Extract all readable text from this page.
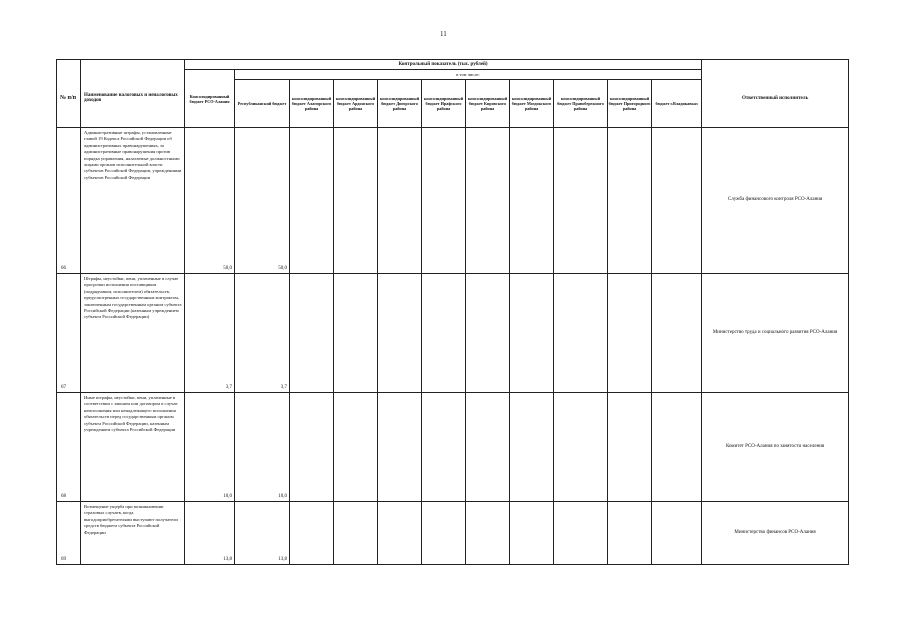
11
		Контрольный показатель (тыс. рублей)											
№ п/п	Наименование налоговых и неналоговых доходов	Консолидированный бюджет РСО-Алания	в том числе:										Ответственный исполнитель
			Республиканский бюджет	консолидированный бюджет Алагирского района	консолидированный бюджет Ардонского района	консолидированный бюджет Дигорского района	консолидированный бюджет Ирафского района	консолидированный бюджет Кировского района	консолидированный бюджет Моздокского района	консолидированный бюджет Правобережного района	консолидированный бюджет Пригородного района	бюджет г.Владикавказ	
66	Административные штрафы, установленные главой 19 Кодекса Российской Федерации об административных правонарушениях, за административные правонарушения против порядка управления, налагаемые должностными лицами органов исполнительной власти субъектов Российской Федерации, учреждениями субъектов Российской Федерации	50,0	50,0										Служба финансового контроля РСО-Алания
67	Штрафы, неустойки, пени, уплаченные в случае просрочки исполнения поставщиком (подрядчиком, исполнителем) обязательств, предусмотренных государственным контрактом, заключенным государственным органом субъекта Российской Федерации (казенным учреждением субъекта Российской Федерации)	3,7	3,7										Министерство труда и социального развития РСО-Алания
68	Иные штрафы, неустойки, пени, уплаченные в соответствии с законом или договором в случае неисполнения или ненадлежащего исполнения обязательств перед государственным органом субъекта Российской Федерации, казенным учреждением субъекта Российской Федерации	10,0	10,0										Комитет РСО-Алания по занятости населения
69	Возмещение ущерба при возникновении страховых случаев, когда выгодоприобретателями выступают получатели средств бюджета субъекта Российской Федерации	13,8	13,8										Министерство финансов РСО-Алания
